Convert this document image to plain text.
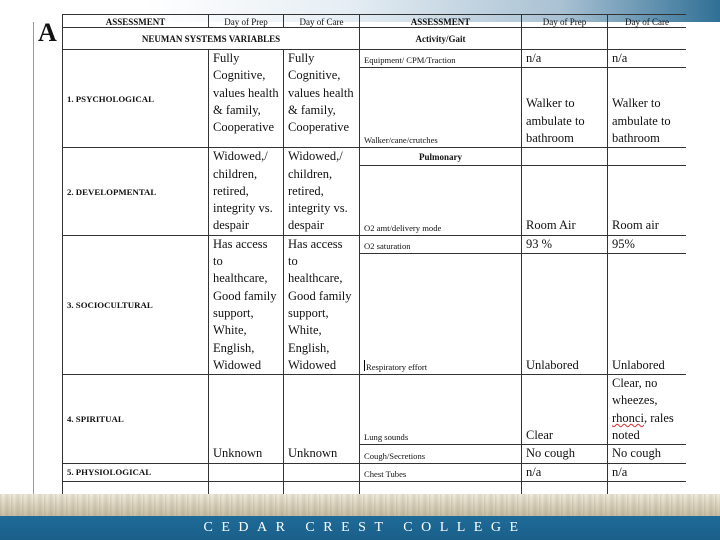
A	ASSESSMENT	Day of Prep	Day of Care	ASSESSMENT	Day of Prep	Day of Care
NEUMAN SYSTEMS VARIABLES			Activity/Gait		
1. PSYCHOLOGICAL	Fully Cognitive, values health & family, Cooperative	Fully Cognitive, values health & family, Cooperative	Equipment/ CPM/Traction	n/a	n/a
			Walker/cane/crutches	Walker to ambulate to bathroom	Walker to ambulate to bathroom
2. DEVELOPMENTAL	Widowed,/ children, retired, integrity vs. despair	Widowed,/ children, retired, integrity vs. despair	Pulmonary		
			O2 amt/delivery mode	Room Air	Room air
3. SOCIOCULTURAL	Has access to healthcare, Good family support, White, English, Widowed	Has access to healthcare, Good family support, White, English, Widowed	O2 saturation	93 %	95%
			Respiratory effort	Unlabored	Unlabored
4. SPIRITUAL	Unknown	Unknown	Lung sounds	Clear	Clear, no wheezes, rhonci, rales noted
			Cough/Secretions	No cough	No cough
5. PHYSIOLOGICAL			Chest Tubes	n/a	n/a

CEDAR CREST COLLEGE
